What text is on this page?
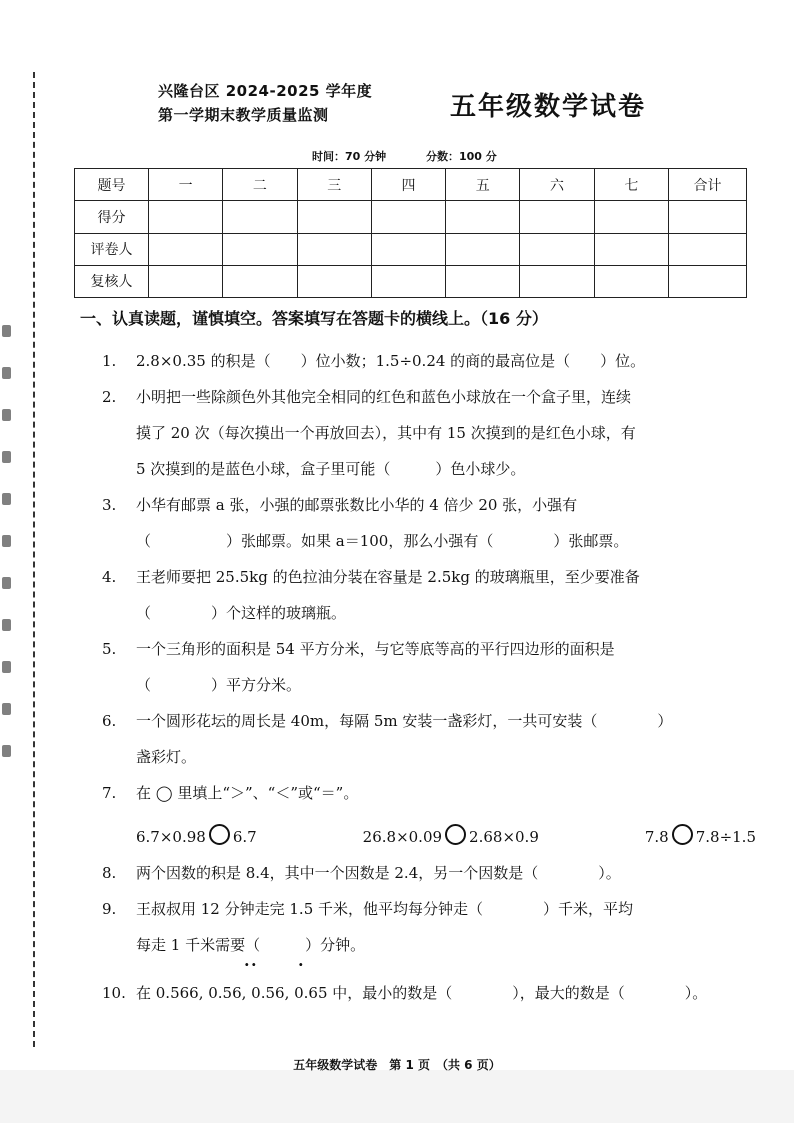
兴隆台区 2024-2025 学年度
第一学期末教学质量监测	五年级数学试卷
时间：70 分钟	分数：100 分
题号	一	二	三	四	五	六	七	合计
得分								
评卷人								
复核人								
一、认真读题，谨慎填空。答案填写在答题卡的横线上。（16 分）
1.	2.8×0.35 的积是（　　）位小数；1.5÷0.24 的商的最高位是（　　）位。
2.	小明把一些除颜色外其他完全相同的红色和蓝色小球放在一个盒子里，连续
摸了 20 次（每次摸出一个再放回去），其中有 15 次摸到的是红色小球，有
5 次摸到的是蓝色小球，盒子里可能（　　　）色小球少。
3.	小华有邮票 a 张，小强的邮票张数比小华的 4 倍少 20 张，小强有
（　　　　　）张邮票。如果 a＝100，那么小强有（　　　　）张邮票。
4.	王老师要把 25.5kg 的色拉油分装在容量是 2.5kg 的玻璃瓶里，至少要准备
（　　　　）个这样的玻璃瓶。
5.	一个三角形的面积是 54 平方分米，与它等底等高的平行四边形的面积是
（　　　　）平方分米。
6.	一个圆形花坛的周长是 40m，每隔 5m 安装一盏彩灯，一共可安装（　　　　）
盏彩灯。
7.	在 ◯ 里填上“＞”、“＜”或“＝”。
6.7×0.98 6.7	26.8×0.09 2.68×0.9	7.8 7.8÷1.5
8.	两个因数的积是 8.4，其中一个因数是 2.4，另一个因数是（　　　　）。
9.	王叔叔用 12 分钟走完 1.5 千米，他平均每分钟走（　　　　）千米，平均
每走 1 千米需要（　　　）分钟。
· ·	·
10. 在 0.566, 0.56, 0.56, 0.65 中，最小的数是（　　　　），最大的数是（　　　　）。
五年级数学试卷　第 1 页　（共 6 页）
